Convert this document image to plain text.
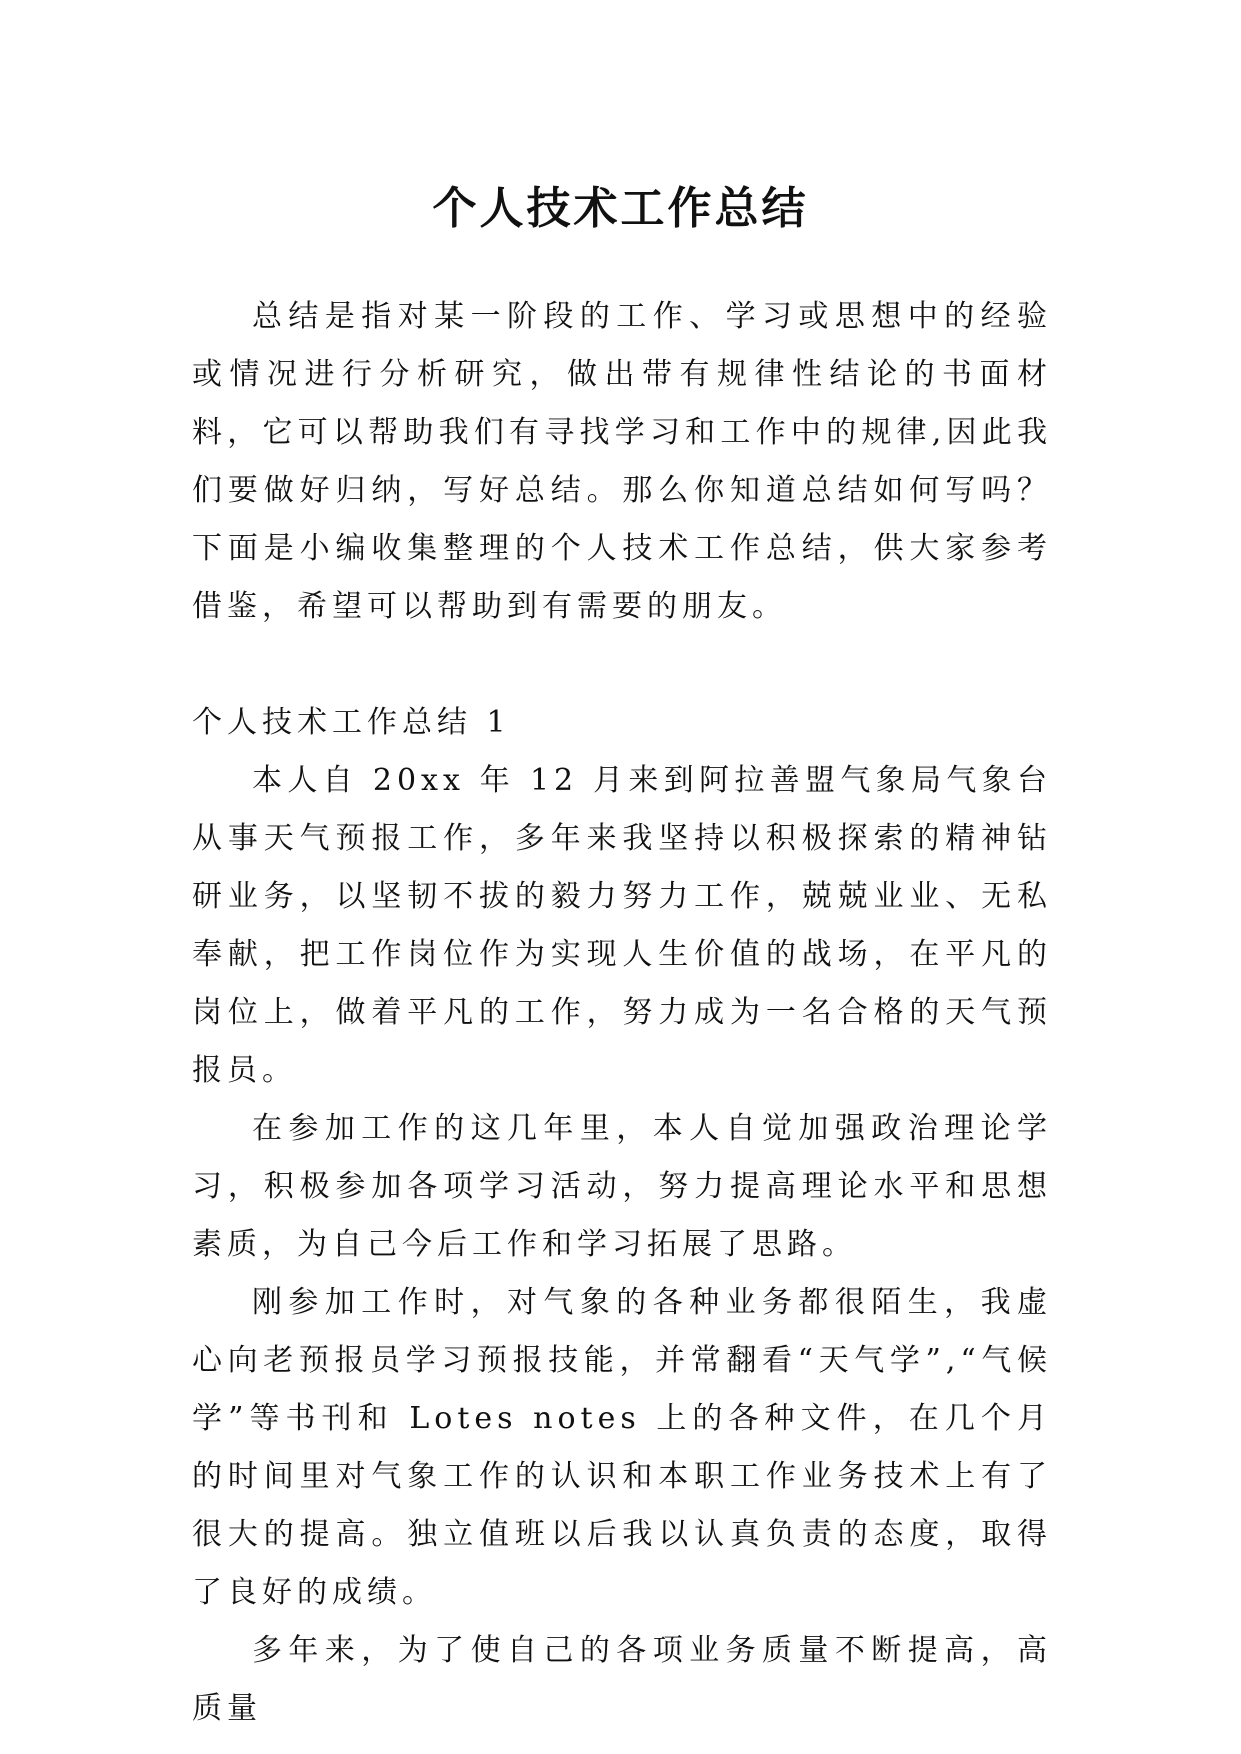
个人技术工作总结

总结是指对某一阶段的工作、学习或思想中的经验或情况进行分析研究，做出带有规律性结论的书面材料，它可以帮助我们有寻找学习和工作中的规律,因此我们要做好归纳，写好总结。那么你知道总结如何写吗？下面是小编收集整理的个人技术工作总结，供大家参考借鉴，希望可以帮助到有需要的朋友。

个人技术工作总结 1

本人自 20xx 年 12 月来到阿拉善盟气象局气象台从事天气预报工作，多年来我坚持以积极探索的精神钻研业务，以坚韧不拔的毅力努力工作，兢兢业业、无私奉献，把工作岗位作为实现人生价值的战场，在平凡的岗位上，做着平凡的工作，努力成为一名合格的天气预报员。

在参加工作的这几年里，本人自觉加强政治理论学习，积极参加各项学习活动，努力提高理论水平和思想素质，为自己今后工作和学习拓展了思路。

刚参加工作时，对气象的各种业务都很陌生，我虚心向老预报员学习预报技能，并常翻看“天气学”,“气候学”等书刊和 Lotes notes 上的各种文件，在几个月的时间里对气象工作的认识和本职工作业务技术上有了很大的提高。独立值班以后我以认真负责的态度，取得了良好的成绩。

多年来，为了使自己的各项业务质量不断提高，高质量
